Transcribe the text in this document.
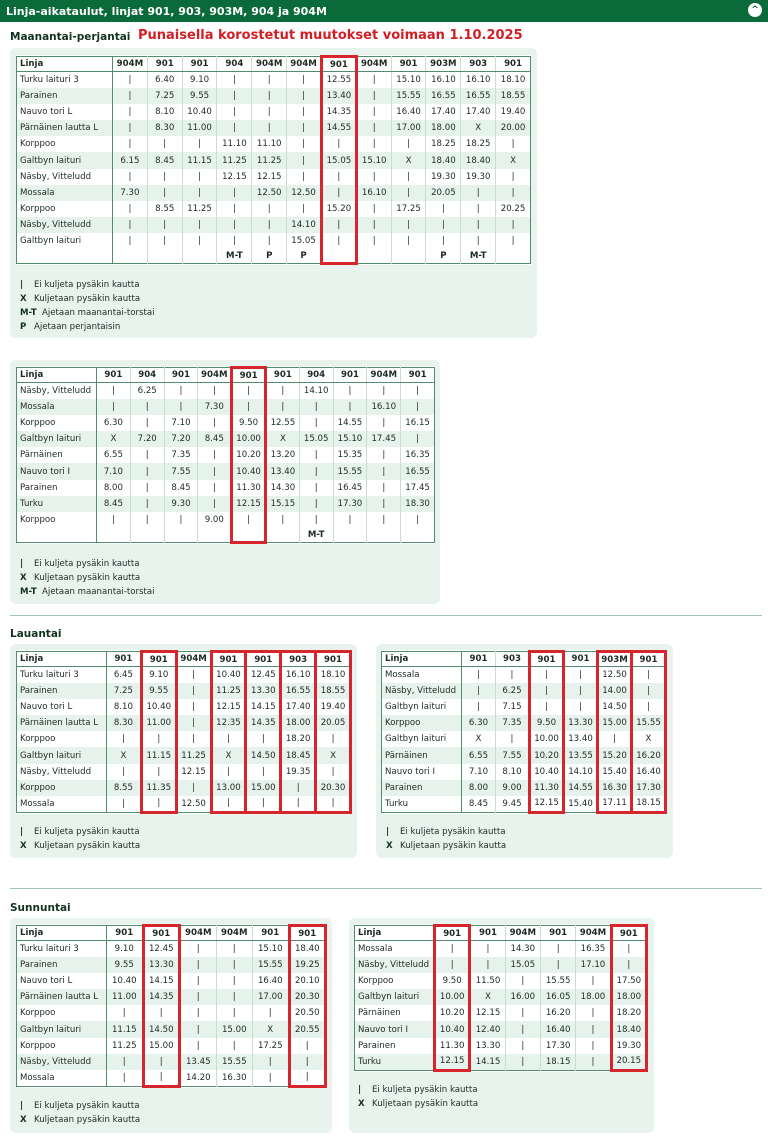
Linja-aikataulut, linjat 901, 903, 903M, 904 ja 904M	^
Maanantai-perjantai Punaisella korostetut muutokset voimaan 1.10.2025
Linja	904M	901	901	904	904M	904M	901	904M	901	903M	903	901
Turku laituri 3	|	6.40	9.10	|	|	|	12.55	|	15.10	16.10	16.10	18.10
Parainen	|	7.25	9.55	|	|	|	13.40	|	15.55	16.55	16.55	18.55
Nauvo tori L	|	8.10	10.40	|	|	|	14.35	|	16.40	17.40	17.40	19.40
Pärnäinen lautta L	|	8.30	11.00	|	|	|	14.55	|	17.00	18.00	X	20.00
Korppoo	|	|	|	11.10	11.10	|	|	|	|	18.25	18.25	|
Galtbyn laituri	6.15	8.45	11.15	11.25	11.25	|	15.05	15.10	X	18.40	18.40	X
Näsby, Vitteludd	|	|	|	12.15	12.15	|	|	|	|	19.30	19.30	|
Mossala	7.30	|	|	|	12.50	12.50	|	16.10	|	20.05	|	|
Korppoo	|	8.55	11.25	|	|	|	15.20	|	17.25	|	|	20.25
Näsby, Vitteludd	|	|	|	|	|	14.10	|	|	|	|	|	|
Galtbyn laituri	|	|	|	|	|	15.05	|	|	|	|	|	|
				M-T	P	P				P	M-T	
| Ei kuljeta pysäkin kautta
X Kuljetaan pysäkin kautta
M-T Ajetaan maanantai-torstai
P Ajetaan perjantaisin
Linja	901	904	901	904M	901	901	904	901	904M	901
Näsby, Vitteludd	|	6.25	|	|	|	|	14.10	|	|	|
Mossala	|	|	|	7.30	|	|	|	|	16.10	|
Korppoo	6.30	|	7.10	|	9.50	12.55	|	14.55	|	16.15
Galtbyn laituri	X	7.20	7.20	8.45	10.00	X	15.05	15.10	17.45	|
Pärnäinen	6.55	|	7.35	|	10.20	13.20	|	15.35	|	16.35
Nauvo tori I	7.10	|	7.55	|	10.40	13.40	|	15.55	|	16.55
Parainen	8.00	|	8.45	|	11.30	14.30	|	16.45	|	17.45
Turku	8.45	|	9.30	|	12.15	15.15	|	17.30	|	18.30
Korppoo	|	|	|	9.00	|	|	|	|	|	|
							M-T			
| Ei kuljeta pysäkin kautta
X Kuljetaan pysäkin kautta
M-T Ajetaan maanantai-torstai
Lauantai
Linja	901	901	904M	901	901	903	901
Turku laituri 3	6.45	9.10	|	10.40	12.45	16.10	18.10
Parainen	7.25	9.55	|	11.25	13.30	16.55	18.55
Nauvo tori L	8.10	10.40	|	12.15	14.15	17.40	19.40
Pärnäinen lautta L	8.30	11.00	|	12.35	14.35	18.00	20.05
Korppoo	|	|	|	|	|	18.20	|
Galtbyn laituri	X	11.15	11.25	X	14.50	18.45	X
Näsby, Vitteludd	|	|	12.15	|	|	19.35	|
Korppoo	8.55	11.35	|	13.00	15.00	|	20.30
Mossala	|	|	12.50	|	|	|	|
| Ei kuljeta pysäkin kautta
X Kuljetaan pysäkin kautta
Linja	901	903	901	901	903M	901
Mossala	|	|	|	|	12.50	|
Näsby, Vitteludd	|	6.25	|	|	14.00	|
Galtbyn laituri	|	7.15	|	|	14.50	|
Korppoo	6.30	7.35	9.50	13.30	15.00	15.55
Galtbyn laituri	X	|	10.00	13.40	|	X
Pärnäinen	6.55	7.55	10.20	13.55	15.20	16.20
Nauvo tori I	7.10	8.10	10.40	14.10	15.40	16.40
Parainen	8.00	9.00	11.30	14.55	16.30	17.30
Turku	8.45	9.45	12.15	15.40	17.11	18.15
| Ei kuljeta pysäkin kautta
X Kuljetaan pysäkin kautta
Sunnuntai
Linja	901	901	904M	904M	901	901
Turku laituri 3	9.10	12.45	|	|	15.10	18.40
Parainen	9.55	13.30	|	|	15.55	19.25
Nauvo tori L	10.40	14.15	|	|	16.40	20.10
Pärnäinen lautta L	11.00	14.35	|	|	17.00	20.30
Korppoo	|	|	|	|	|	20.50
Galtbyn laituri	11.15	14.50	|	15.00	X	20.55
Korppoo	11.25	15.00	|	|	17.25	|
Näsby, Vitteludd	|	|	13.45	15.55	|	|
Mossala	|	|	14.20	16.30	|	|
| Ei kuljeta pysäkin kautta
X Kuljetaan pysäkin kautta
Linja	901	901	904M	901	904M	901
Mossala	|	|	14.30	|	16.35	|
Näsby, Vitteludd	|	|	15.05	|	17.10	|
Korppoo	9.50	11.50	|	15.55	|	17.50
Galtbyn laituri	10.00	X	16.00	16.05	18.00	18.00
Pärnäinen	10.20	12.15	|	16.20	|	18.20
Nauvo tori I	10.40	12.40	|	16.40	|	18.40
Parainen	11.30	13.30	|	17.30	|	19.30
Turku	12.15	14.15	|	18.15	|	20.15
| Ei kuljeta pysäkin kautta
X Kuljetaan pysäkin kautta
